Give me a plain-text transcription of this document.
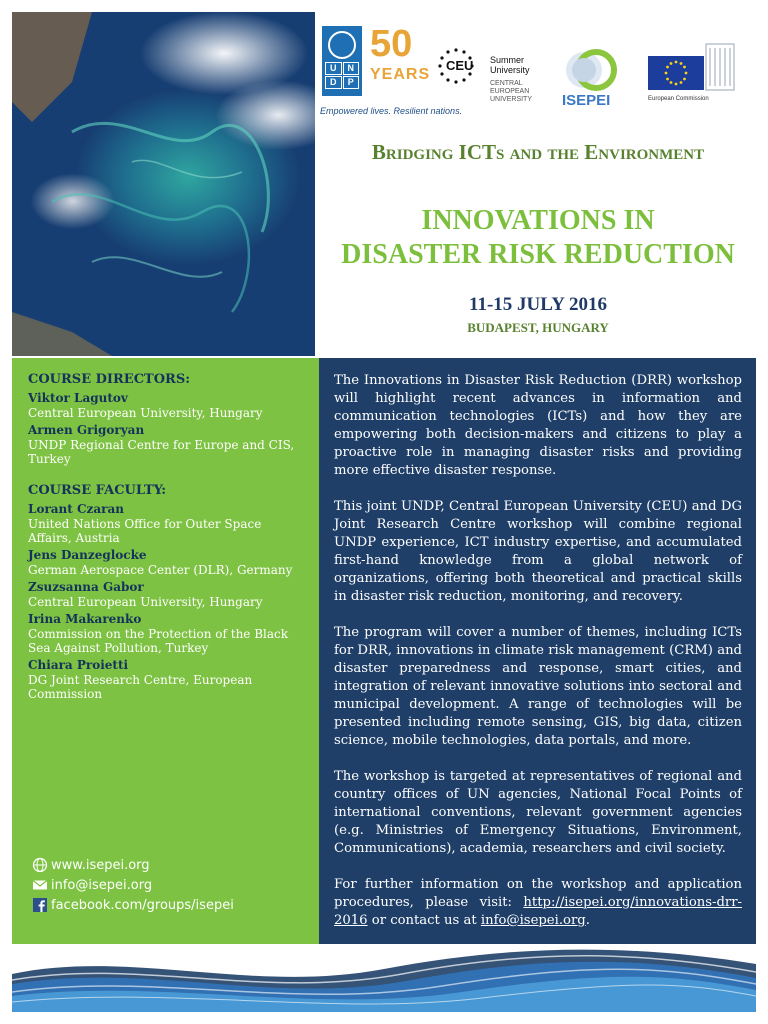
U	N
D	P
50
YEARS
Empowered lives. Resilient nations.
CEU Summer University
CENTRAL EUROPEAN UNIVERSITY	ISEPEI	European Commission
Bridging ICTs and the Environment
INNOVATIONS IN
DISASTER RISK REDUCTION
11-15 JULY 2016
BUDAPEST, HUNGARY
COURSE DIRECTORS:
Viktor Lagutov
Central European University, Hungary
Armen Grigoryan
UNDP Regional Centre for Europe and CIS, Turkey
COURSE FACULTY:
Lorant Czaran
United Nations Office for Outer Space Affairs, Austria
Jens Danzeglocke
German Aerospace Center (DLR), Germany
Zsuzsanna Gabor
Central European University, Hungary
Irina Makarenko
Commission on the Protection of the Black Sea Against Pollution, Turkey
Chiara Proietti
DG Joint Research Centre, European Commission
www.isepei.org
info@isepei.org
facebook.com/groups/isepei

The Innovations in Disaster Risk Reduction (DRR) workshop will highlight recent advances in information and communication technologies (ICTs) and how they are empowering both decision-makers and citizens to play a proactive role in managing disaster risks and providing more effective disaster response.

This joint UNDP, Central European University (CEU) and DG Joint Research Centre workshop will combine regional UNDP experience, ICT industry expertise, and accumulated first-hand knowledge from a global network of organizations, offering both theoretical and practical skills in disaster risk reduction, monitoring, and recovery.

The program will cover a number of themes, including ICTs for DRR, innovations in climate risk management (CRM) and disaster preparedness and response, smart cities, and integration of relevant innovative solutions into sectoral and municipal development. A range of technologies will be presented including remote sensing, GIS, big data, citizen science, mobile technologies, data portals, and more.

The workshop is targeted at representatives of regional and country offices of UN agencies, National Focal Points of international conventions, relevant government agencies (e.g. Ministries of Emergency Situations, Environment, Communications), academia, researchers and civil society.

For further information on the workshop and application procedures, please visit: http://isepei.org/innovations-drr-2016 or contact us at info@isepei.org.
